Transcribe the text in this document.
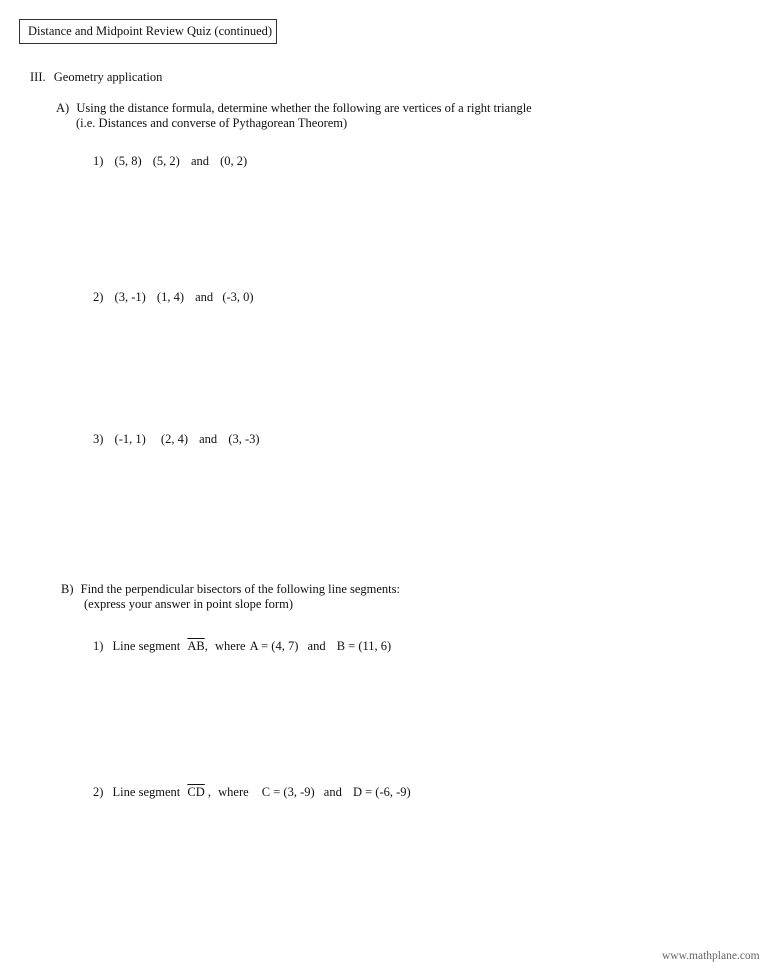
Distance and Midpoint Review Quiz (continued)
III. Geometry application
A) Using the distance formula, determine whether the following are vertices of a right triangle
(i.e. Distances and converse of Pythagorean Theorem)
1) (5, 8) (5, 2) and (0, 2)
2) (3, -1) (1, 4) and (-3, 0)
3) (-1, 1) (2, 4) and (3, -3)
B) Find the perpendicular bisectors of the following line segments:
(express your answer in point slope form)
1) Line segment $\overline{AB}$, where A = (4, 7) and B = (11, 6)
2) Line segment $\overline{CD}$ , where C = (3, -9) and D = (-6, -9)
www.mathplane.com
